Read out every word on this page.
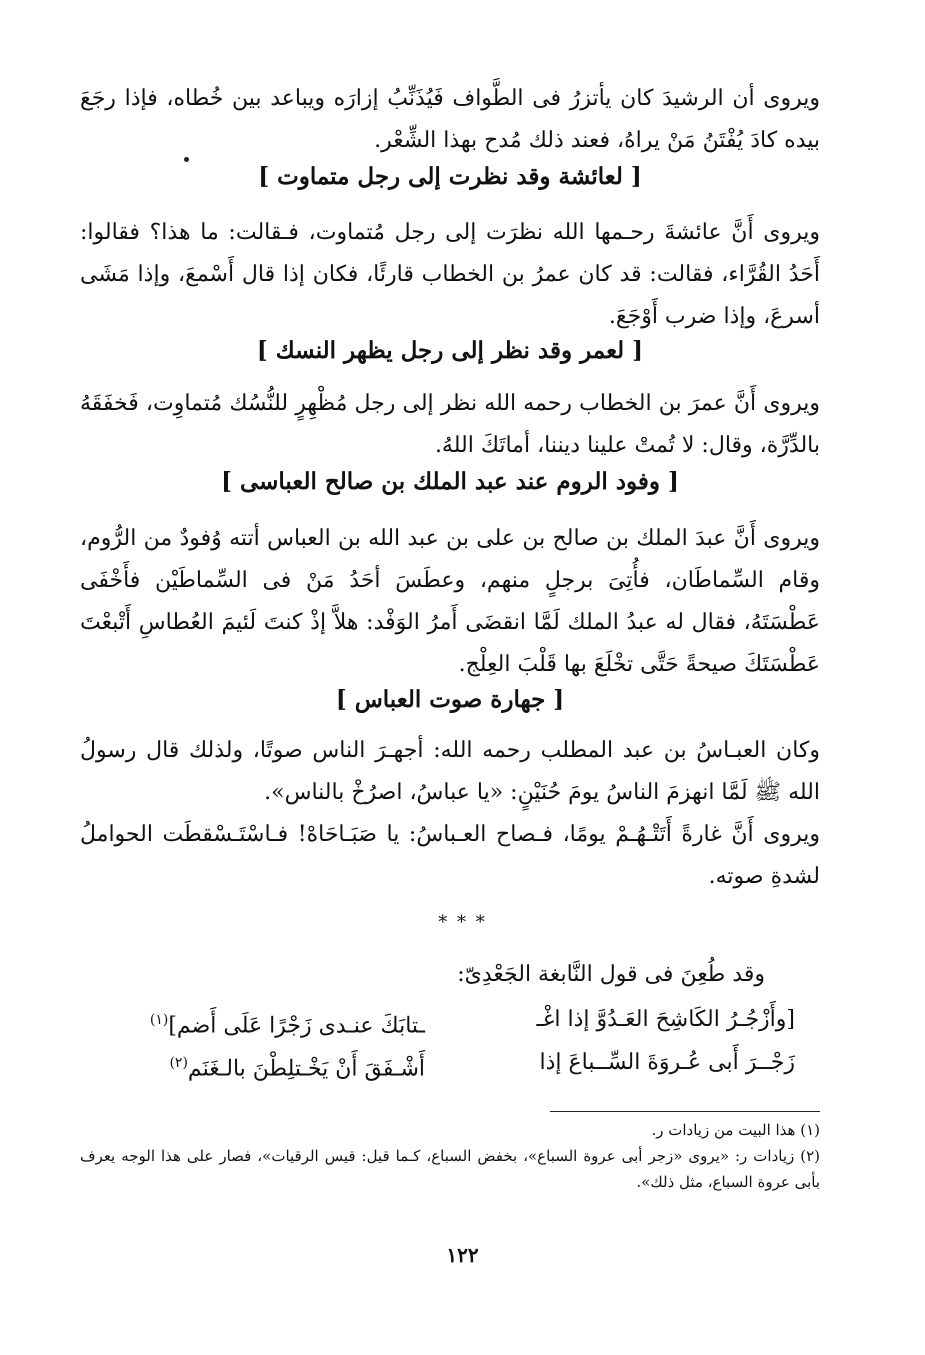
ويروى أن الرشيدَ كان يأتزرُ فى الطَّواف فَيُذَنِّبُ إزارَه ويباعد بين خُطاه، فإذا رجَعَ بيده كادَ يُفْتَنُ مَنْ يراهُ، فعند ذلك مُدح بهذا الشِّعْر.

[ لعائشة وقد نظرت إلى رجل متماوت ]

ويروى أَنَّ عائشةَ رحـمها الله نظرَت إلى رجل مُتماوت، فـقالت: ما هذا؟ فقالوا: أَحَدُ القُرَّاء، فقالت: قد كان عمرُ بن الخطاب قارئًا، فكان إذا قال أَسْمعَ، وإذا مَشَى أسرعَ، وإذا ضرب أَوْجَعَ.

[ لعمر وقد نظر إلى رجل يظهر النسك ]

ويروى أَنَّ عمرَ بن الخطاب رحمه الله نظر إلى رجل مُظْهِرٍ للنُّسُك مُتماوِت، فَخفَقَهُ بالدِّرَّة، وقال: لا تُمتْ علينا ديننا، أماتَكَ اللهُ.

[ وفود الروم عند عبد الملك بن صالح العباسى ]

ويروى أَنَّ عبدَ الملك بن صالح بن على بن عبد الله بن العباس أتته وُفودٌ من الرُّوم، وقام السِّماطَان، فأُتِىَ برجلٍ منهم، وعطَسَ أحَدُ مَنْ فى السِّماطَيْن فأَخْفَى عَطْسَتَهُ، فقال له عبدُ الملك لَمَّا انقضَى أَمرُ الوَفْد: هلاَّ إذْ كنتَ لَئيمَ العُطاسِ أَتْبعْتَ عَطْسَتَكَ صيحةً حَتَّى تخْلَعَ بها قَلْبَ العِلْج.

[ جهارة صوت العباس ]

وكان العبـاسُ بن عبد المطلب رحمه الله: أجهـرَ الناس صوتًا، ولذلك قال رسولُ الله ﷺ لَمَّا انهزمَ الناسُ يومَ حُنَيْنٍ: «يا عباسُ، اصرُخْ بالناس».

ويروى أَنَّ غارةً أَتَتْـهُـمْ يومًا، فـصاح العـباسُ: يا صَبَـاحَاهْ! فـاسْتَـسْقطَت الحواملُ لشدةِ صوته.

* * *
وقد طُعِنَ فى قول النَّابغة الجَعْدِىّ:
[وأَزْجُـرُ الكَاشِحَ العَـدُوَّ إذا اغْـ
ـتابَكَ عنـدى زَجْرًا عَلَى أَضم]$^{(١)}$
زَجْــرَ أَبى عُـروَةَ السِّــباعَ إذا
أَشْـفَقَ أَنْ يَخْـتلِطْنَ بالـغَنَم$^{(٢)}$

(١) هذا البيت من زيادات ر.

(٢) زيادات ر: «يروى «زجر أبى عروة السباع»، بخفض السباع، كـما قيل: قيس الرقيات»، فصار على هذا الوجه يعرف بأبى عروة السباع، مثل ذلك».

١٢٢
